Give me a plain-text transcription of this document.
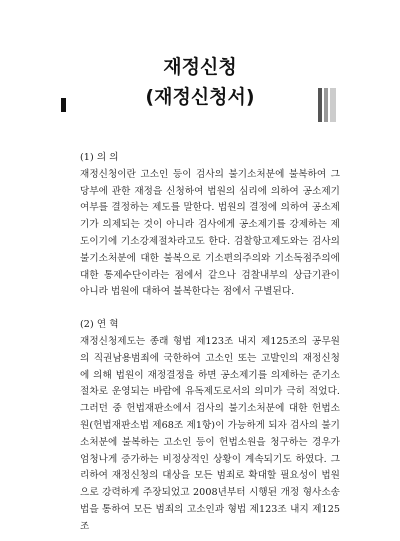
재정신청
(재정신청서)
(1) 의 의

재정신청이란 고소인 등이 검사의 불기소처분에 불복하여 그 당부에 관한 재정을 신청하여 법원의 심리에 의하여 공소제기여부를 결정하는 제도를 말한다. 법원의 결정에 의하여 공소제기가 의제되는 것이 아니라 검사에게 공소제기를 강제하는 제도이기에 기소강제절차라고도 한다. 검찰항고제도와는 검사의 불기소처분에 대한 불복으로 기소편의주의와 기소독점주의에 대한 통제수단이라는 점에서 같으나 검찰내부의 상급기관이 아니라 법원에 대하여 불복한다는 점에서 구별된다.

(2) 연 혁

재정신청제도는 종래 형법 제123조 내지 제125조의 공무원의 직권남용범죄에 국한하여 고소인 또는 고발인의 재정신청에 의해 법원이 재정결정을 하면 공소제기를 의제하는 준기소절차로 운영되는 바람에 유독제도로서의 의미가 극히 적었다. 그러던 중 헌법재판소에서 검사의 불기소처분에 대한 헌법소원(헌법재판소법 제68조 제1항)이 가능하게 되자 검사의 불기소처분에 불복하는 고소인 등이 헌법소원을 청구하는 경우가 엄청나게 증가하는 비정상적인 상황이 계속되기도 하였다. 그리하여 재정신청의 대상을 모든 범죄로 확대할 필요성이 법원으로 강력하게 주장되었고 2008년부터 시행된 개정 형사소송법을 통하여 모든 범죄의 고소인과 형법 제123조 내지 제125조
